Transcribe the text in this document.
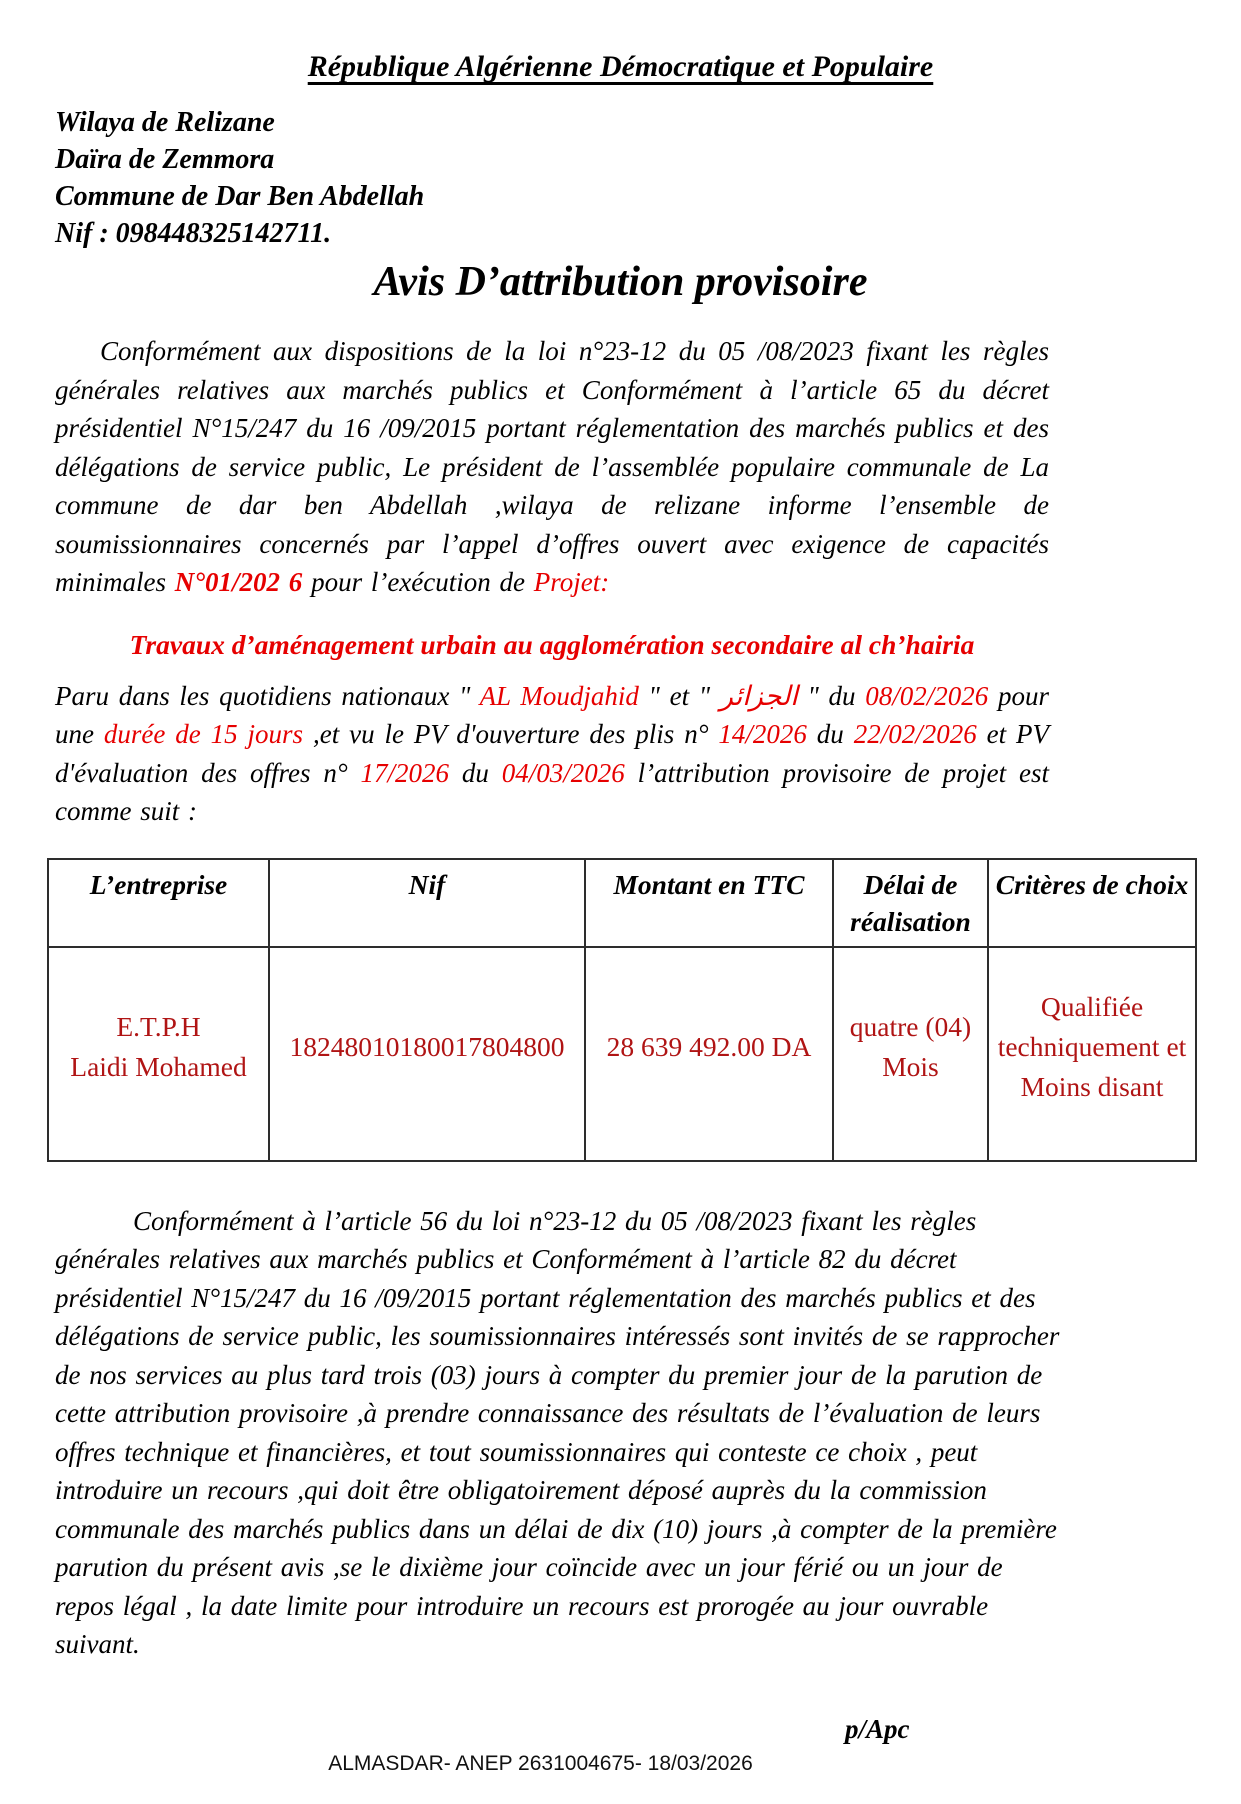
République Algérienne Démocratique et Populaire
Wilaya de Relizane
Daïra de Zemmora
Commune de Dar Ben Abdellah
Nif : 098448325142711.
Avis D’attribution provisoire

Conformément aux dispositions de la loi n°23-12 du 05 /08/2023 fixant les règles générales relatives aux marchés publics et Conformément à l’article 65 du décret présidentiel N°15/247 du 16 /09/2015 portant réglementation des marchés publics et des délégations de service public, Le président de l’assemblée populaire communale de La commune de dar ben Abdellah ,wilaya de relizane informe l’ensemble de soumissionnaires concernés par l’appel d’offres ouvert avec exigence de capacités minimales N°01/202 6 pour l’exécution de Projet:

Travaux d’aménagement urbain au agglomération secondaire al ch’hairia

Paru dans les quotidiens nationaux " AL Moudjahid " et " الجزائر " du 08/02/2026 pour une durée de 15 jours ,et vu le PV d'ouverture des plis n° 14/2026 du 22/02/2026 et PV d'évaluation des offres n° 17/2026 du 04/03/2026 l’attribution provisoire de projet est comme suit :

L’entreprise	Nif	Montant en TTC	Délai de réalisation	Critères de choix

E.T.P.H
Laidi Mohamed	18248010180017804800	28 639 492.00 DA	quatre (04) Mois	Qualifiée techniquement et Moins disant

Conformément à l’article 56 du loi n°23-12 du 05 /08/2023 fixant les règles générales relatives aux marchés publics et Conformément à l’article 82 du décret présidentiel N°15/247 du 16 /09/2015 portant réglementation des marchés publics et des délégations de service public, les soumissionnaires intéressés sont invités de se rapprocher de nos services au plus tard trois (03) jours à compter du premier jour de la parution de cette attribution provisoire ,à prendre connaissance des résultats de l’évaluation de leurs offres technique et financières, et tout soumissionnaires qui conteste ce choix , peut introduire un recours ,qui doit être obligatoirement déposé auprès du la commission communale des marchés publics dans un délai de dix (10) jours ,à compter de la première parution du présent avis ,se le dixième jour coïncide avec un jour férié ou un jour de repos légal , la date limite pour introduire un recours est prorogée au jour ouvrable suivant.

p/Apc
ALMASDAR- ANEP 2631004675- 18/03/2026
